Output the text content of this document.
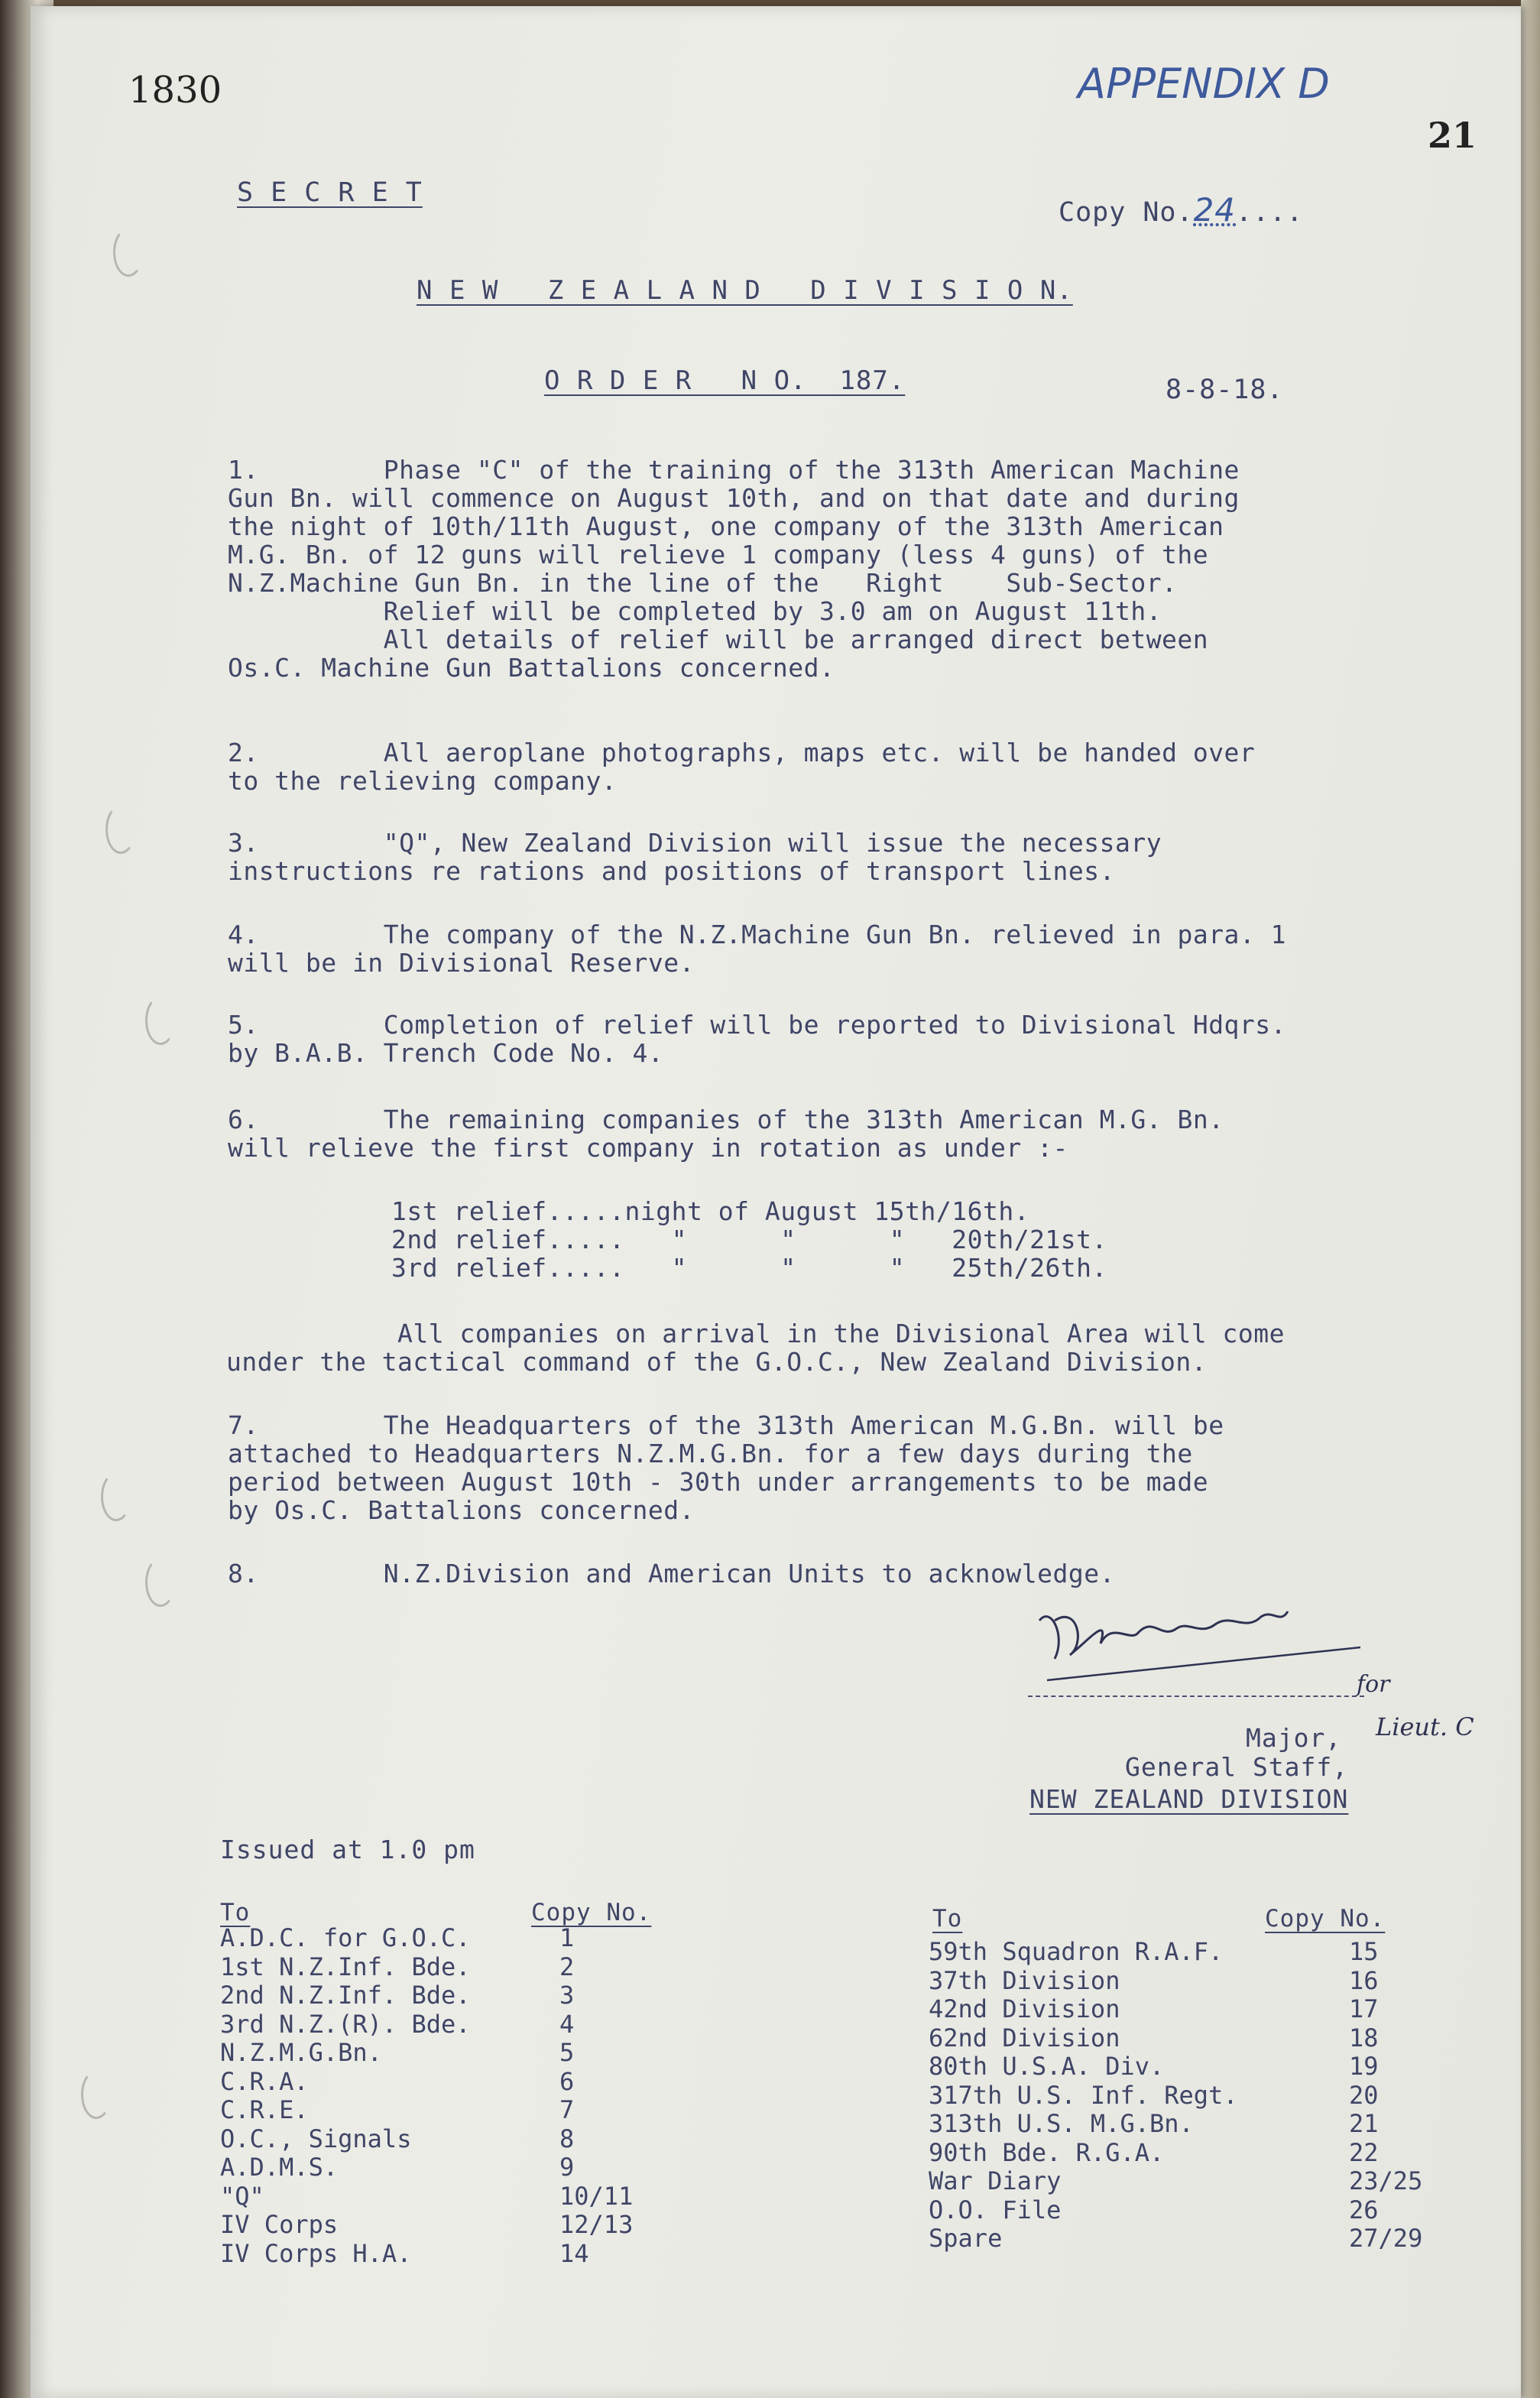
1830	APPENDIX D
21
S E C R E T
Copy No.24....
N E W   Z E A L A N D   D I V I S I O N.
O R D E R   N O.  187.	8-8-18.
1.	Phase "C" of the training of the 313th American Machine
Gun Bn. will commence on August 10th, and on that date and during
the night of 10th/11th August, one company of the 313th American
M.G. Bn. of 12 guns will relieve 1 company (less 4 guns) of the
N.Z.Machine Gun Bn. in the line of the   Right    Sub-Sector.
Relief will be completed by 3.0 am on August 11th.
All details of relief will be arranged direct between
Os.C. Machine Gun Battalions concerned.
2.	All aeroplane photographs, maps etc. will be handed over
to the relieving company.
3.	"Q", New Zealand Division will issue the necessary
instructions re rations and positions of transport lines.
4.	The company of the N.Z.Machine Gun Bn. relieved in para. 1
will be in Divisional Reserve.
5.	Completion of relief will be reported to Divisional Hdqrs.
by B.A.B. Trench Code No. 4.
6.	The remaining companies of the 313th American M.G. Bn.
will relieve the first company in rotation as under :-
1st relief.....night of August 15th/16th.
2nd relief.....   "      "      "   20th/21st.
3rd relief.....   "      "      "   25th/26th.
All companies on arrival in the Divisional Area will come
under the tactical command of the G.O.C., New Zealand Division.
7.	The Headquarters of the 313th American M.G.Bn. will be
attached to Headquarters N.Z.M.G.Bn. for a few days during the
period between August 10th - 30th under arrangements to be made
by Os.C. Battalions concerned.
8.	N.Z.Division and American Units to acknowledge.
for
Lieut. C
Major,
General Staff,
NEW ZEALAND DIVISION
Issued at 1.0 pm
To	Copy No.
A.D.C. for G.O.C.	1
1st N.Z.Inf. Bde.	2
2nd N.Z.Inf. Bde.	3
3rd N.Z.(R). Bde.	4
N.Z.M.G.Bn.	5
C.R.A.	6
C.R.E.	7
O.C., Signals	8
A.D.M.S.	9
"Q"	10/11
IV Corps	12/13
IV Corps H.A.	14
To	Copy No.
59th Squadron R.A.F.	15
37th Division	16
42nd Division	17
62nd Division	18
80th U.S.A. Div.	19
317th U.S. Inf. Regt.	20
313th U.S. M.G.Bn.	21
90th Bde. R.G.A.	22
War Diary	23/25
O.O. File	26
Spare	27/29
